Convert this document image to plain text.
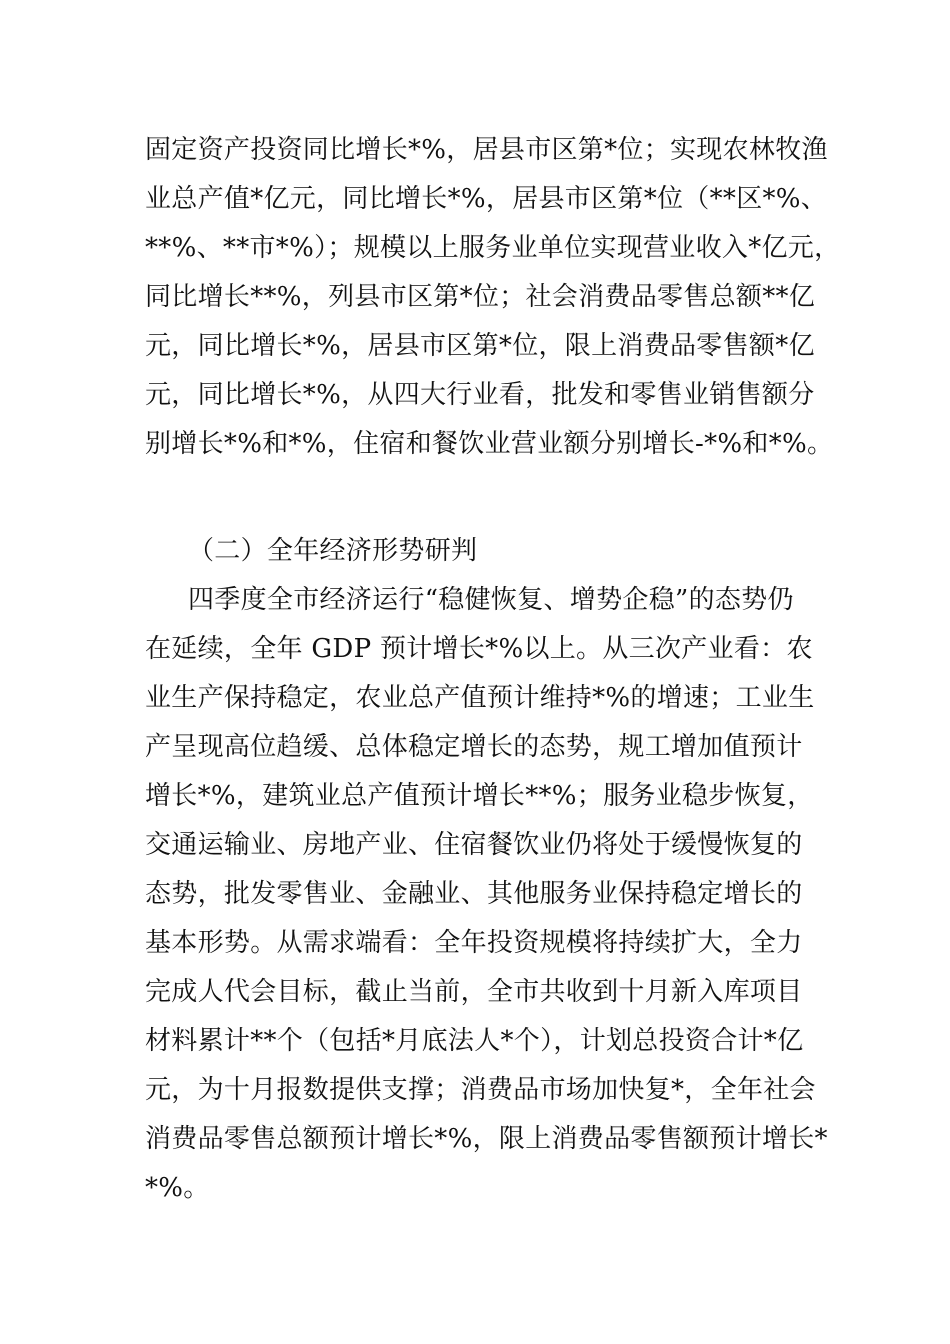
固定资产投资同比增长*%，居县市区第*位；实现农林牧渔
业总产值*亿元，同比增长*%，居县市区第*位（**区*%、
**%、**市*%）；规模以上服务业单位实现营业收入*亿元，
同比增长**%，列县市区第*位；社会消费品零售总额**亿
元，同比增长*%，居县市区第*位，限上消费品零售额*亿
元，同比增长*%，从四大行业看，批发和零售业销售额分
别增长*%和*%，住宿和餐饮业营业额分别增长-*%和*%。
（二）全年经济形势研判
四季度全市经济运行“稳健恢复、增势企稳”的态势仍
在延续，全年 GDP 预计增长*%以上。从三次产业看：农
业生产保持稳定，农业总产值预计维持*%的增速；工业生
产呈现高位趋缓、总体稳定增长的态势，规工增加值预计
增长*%，建筑业总产值预计增长**%；服务业稳步恢复，
交通运输业、房地产业、住宿餐饮业仍将处于缓慢恢复的
态势，批发零售业、金融业、其他服务业保持稳定增长的
基本形势。从需求端看：全年投资规模将持续扩大，全力
完成人代会目标，截止当前，全市共收到十月新入库项目
材料累计**个（包括*月底法人*个），计划总投资合计*亿
元，为十月报数提供支撑；消费品市场加快复*，全年社会
消费品零售总额预计增长*%，限上消费品零售额预计增长*
*%。
